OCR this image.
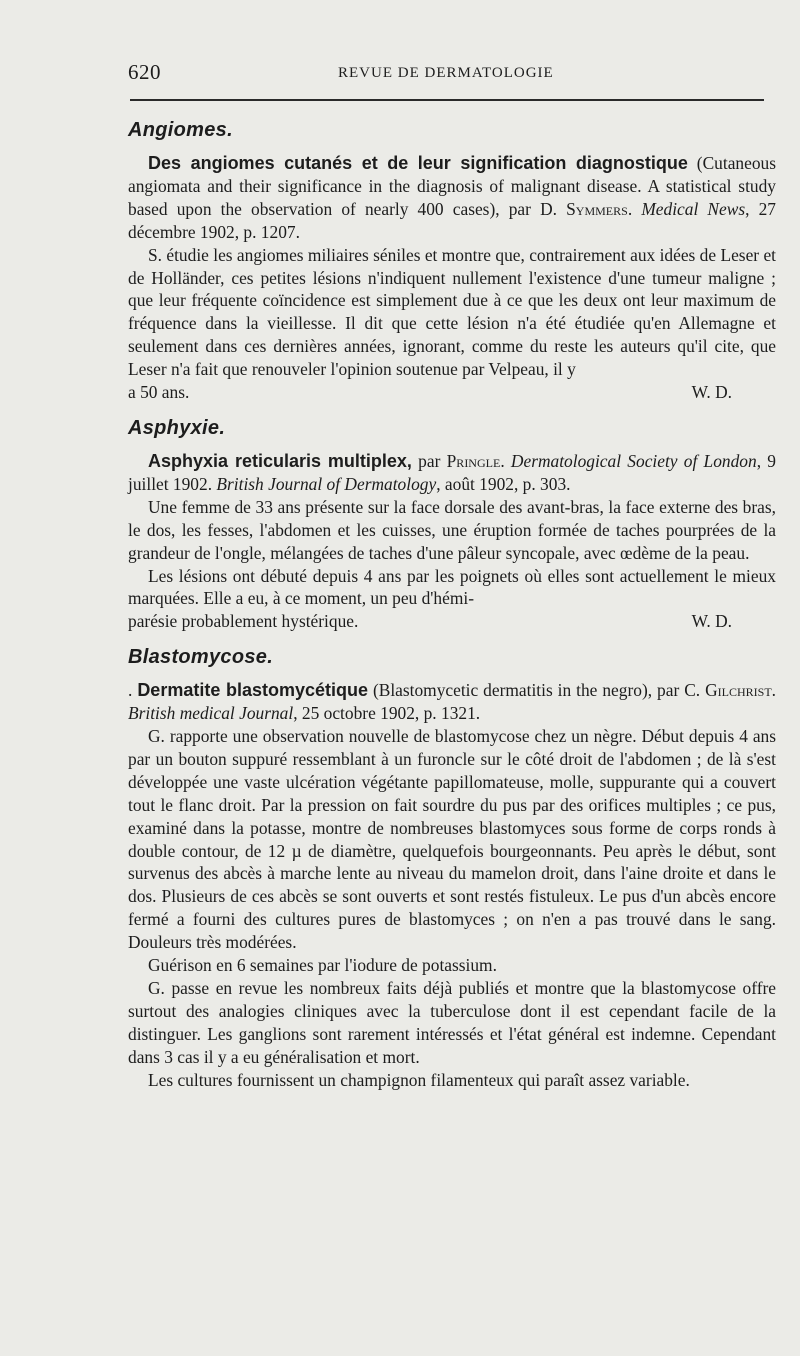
620	REVUE DE DERMATOLOGIE
Angiomes.

Des angiomes cutanés et de leur signification diagnostique (Cutaneous angiomata and their significance in the diagnosis of malignant disease. A statistical study based upon the observation of nearly 400 cases), par D. Symmers. Medical News, 27 décembre 1902, p. 1207.

S. étudie les angiomes miliaires séniles et montre que, contrairement aux idées de Leser et de Holländer, ces petites lésions n'indiquent nullement l'existence d'une tumeur maligne ; que leur fréquente coïncidence est simplement due à ce que les deux ont leur maximum de fréquence dans la vieillesse. Il dit que cette lésion n'a été étudiée qu'en Allemagne et seulement dans ces dernières années, ignorant, comme du reste les auteurs qu'il cite, que Leser n'a fait que renouveler l'opinion soutenue par Velpeau, il y

a 50 ans.	W. D.
Asphyxie.

Asphyxia reticularis multiplex, par Pringle. Dermatological Society of London, 9 juillet 1902. British Journal of Dermatology, août 1902, p. 303.

Une femme de 33 ans présente sur la face dorsale des avant-bras, la face externe des bras, le dos, les fesses, l'abdomen et les cuisses, une éruption formée de taches pourprées de la grandeur de l'ongle, mélangées de taches d'une pâleur syncopale, avec œdème de la peau.

Les lésions ont débuté depuis 4 ans par les poignets où elles sont actuellement le mieux marquées. Elle a eu, à ce moment, un peu d'hémi-

parésie probablement hystérique.	W. D.
Blastomycose.

. Dermatite blastomycétique (Blastomycetic dermatitis in the negro), par C. Gilchrist. British medical Journal, 25 octobre 1902, p. 1321.

G. rapporte une observation nouvelle de blastomycose chez un nègre. Début depuis 4 ans par un bouton suppuré ressemblant à un furoncle sur le côté droit de l'abdomen ; de là s'est développée une vaste ulcération végétante papillomateuse, molle, suppurante qui a couvert tout le flanc droit. Par la pression on fait sourdre du pus par des orifices multiples ; ce pus, examiné dans la potasse, montre de nombreuses blastomyces sous forme de corps ronds à double contour, de 12 µ de diamètre, quelquefois bourgeonnants. Peu après le début, sont survenus des abcès à marche lente au niveau du mamelon droit, dans l'aine droite et dans le dos. Plusieurs de ces abcès se sont ouverts et sont restés fistuleux. Le pus d'un abcès encore fermé a fourni des cultures pures de blastomyces ; on n'en a pas trouvé dans le sang. Douleurs très modérées.

Guérison en 6 semaines par l'iodure de potassium.

G. passe en revue les nombreux faits déjà publiés et montre que la blastomycose offre surtout des analogies cliniques avec la tuberculose dont il est cependant facile de la distinguer. Les ganglions sont rarement intéressés et l'état général est indemne. Cependant dans 3 cas il y a eu généralisation et mort.

Les cultures fournissent un champignon filamenteux qui paraît assez variable.
